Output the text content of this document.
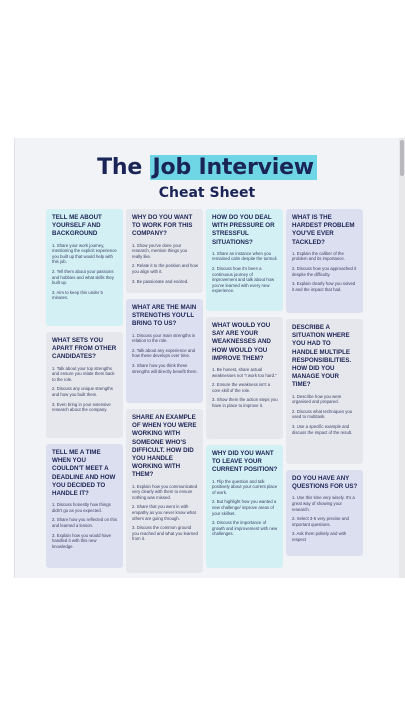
The Job Interview
Cheat Sheet
TELL ME ABOUT YOURSELF AND BACKGROUND
1. Share your work journey, mentioning the explicit experience you built up that would help with this job.
2. Tell them about your passions and hobbies and what skills they built up.
3. Aim to keep this under 5 minutes.
WHAT SETS YOU APART FROM OTHER CANDIDATES?
1. Talk about your top strengths and ensure you relate them back to the role.
2. Discuss any unique strengths and how you built them.
3. Even bring in your extensive research about the company.
TELL ME A TIME WHEN YOU COULDN'T MEET A DEADLINE AND HOW YOU DECIDED TO HANDLE IT?
1. Discuss honestly how things didn't go as you expected.
2. Share how you reflected on this and learned a lesson.
3. Explain how you would have handled it with this new knowledge.
WHY DO YOU WANT TO WORK FOR THIS COMPANY?
1. Show you've done your research, mention things you really like.
2. Relate it to the position and how you align with it.
3. Be passionate and excited.
WHAT ARE THE MAIN STRENGTHS YOU'LL BRING TO US?
1. Discuss your main strengths in relation to the role.
2. Talk about any experience and how these develops over time.
3. Share how you think these strengths will directly benefit them.
SHARE AN EXAMPLE OF WHEN YOU WERE WORKING WITH SOMEONE WHO'S DIFFICULT. HOW DID YOU HANDLE WORKING WITH THEM?
1. Explain how you communicated very clearly with them to ensure nothing was missed.
2. Share that you went in with empathy as you never know what others are going through.
3. Discuss the common ground you reached and what you learned from it.
HOW DO YOU DEAL WITH PRESSURE OR STRESSFUL SITUATIONS?
1. Share an instance when you remained calm despite the turmoil.
2. Discuss how it's been a continuous journey of improvement and talk about how you've learned with every new experience.
WHAT WOULD YOU SAY ARE YOUR WEAKNESSES AND HOW WOULD YOU IMPROVE THEM?
1. Be honest, share actual weaknesses not "I work too hard."
2. Ensure the weakness isn't a core skill of the role.
3. Show them the action steps you have in place to improve it.
WHY DID YOU WANT TO LEAVE YOUR CURRENT POSITION?
1. Flip the question and talk positively about your current place of work.
2. But highlight how you wanted a new challenge/ improve areas of your skillset.
3. Discuss the importance of growth and improvement with new challenges.
WHAT IS THE HARDEST PROBLEM YOU'VE EVER TACKLED?
1. Explain the caliber of the problem and its importance.
2. Discuss how you approached it despite the difficulty.
3. Explain clearly how you solved it and the impact that had.
DESCRIBE A SITUATION WHERE YOU HAD TO HANDLE MULTIPLE RESPONSIBILITIES. HOW DID YOU MANAGE YOUR TIME?
1. Describe how you were organised and prepared.
2. Discuss what techniques you used to multitask.
3. Use a specific example and discuss the impact of the result.
DO YOU HAVE ANY QUESTIONS FOR US?
1. Use this time very wisely. It's a great way of showing your research.
2. Select 3-5 very precise and important questions.
3. Ask them politely and with respect
